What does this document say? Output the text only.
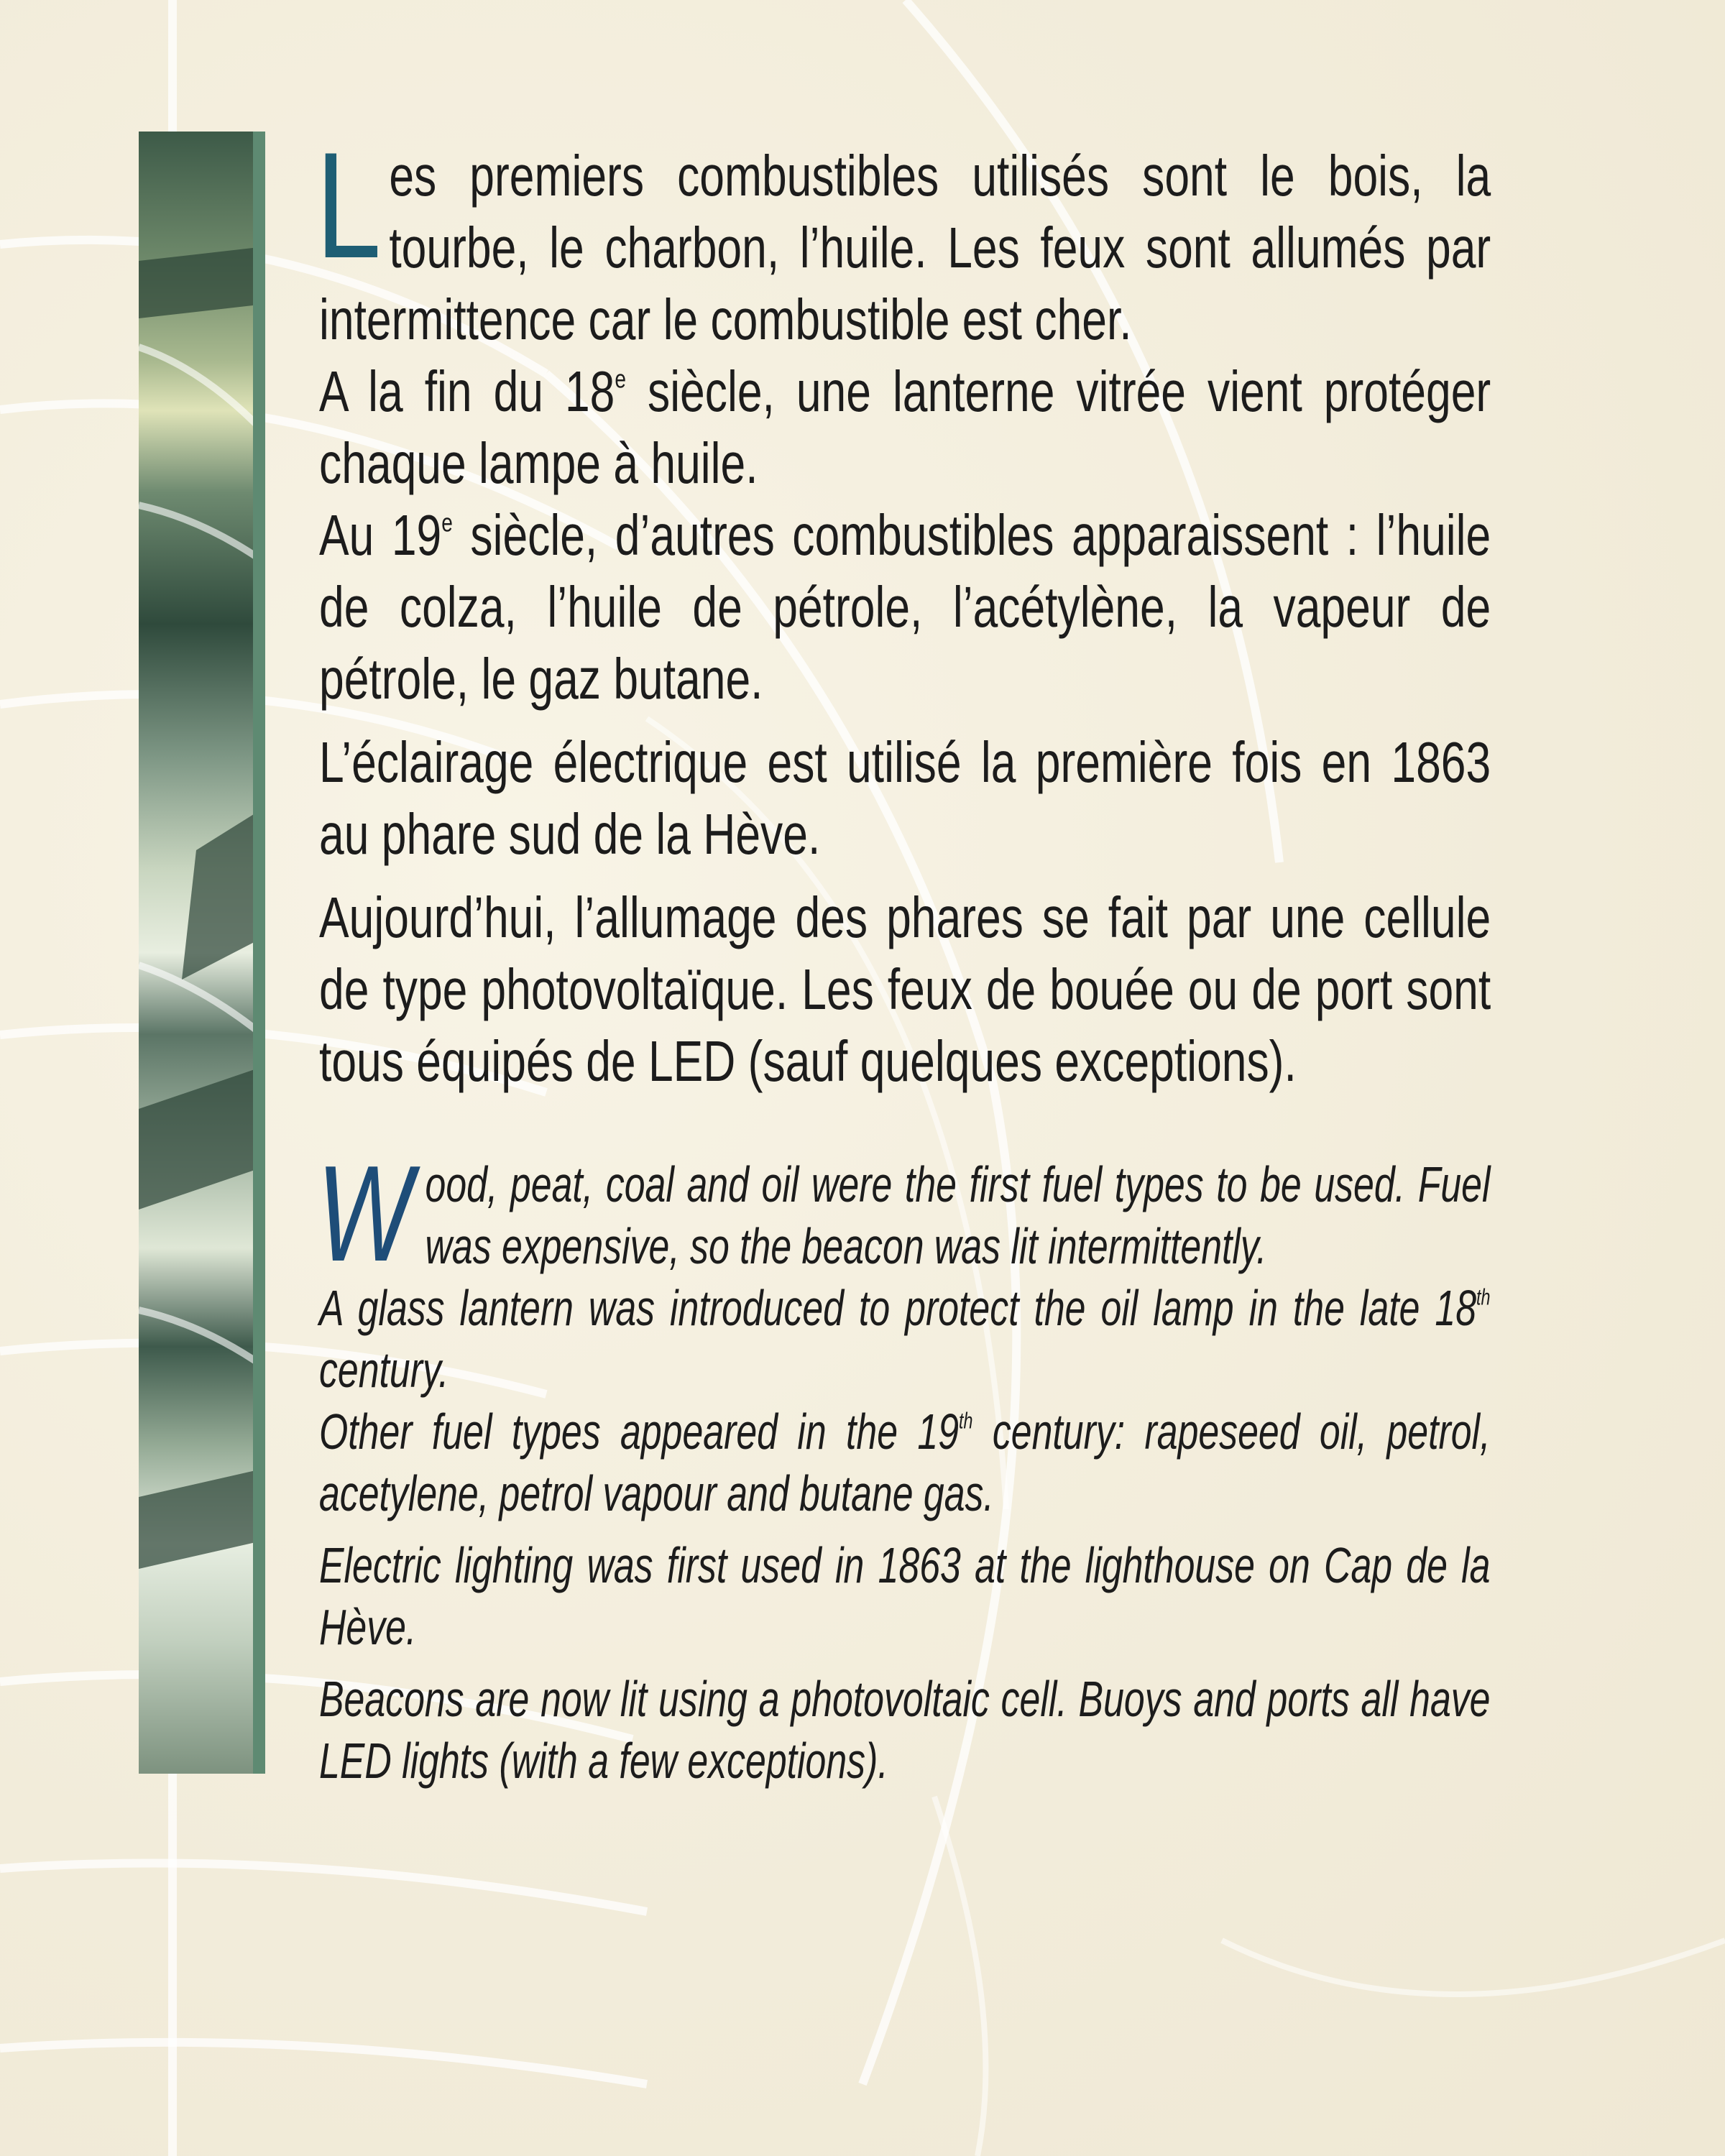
Les premiers combustibles utilisés sont le bois, la tourbe, le charbon, l’huile. Les feux sont allumés par intermittence car le combustible est cher.

A la fin du 18e siècle, une lanterne vitrée vient protéger chaque lampe à huile.

Au 19e siècle, d’autres combustibles apparaissent : l’huile de colza, l’huile de pétrole, l’acétylène, la vapeur de pétrole, le gaz butane.

L’éclairage électrique est utilisé la première fois en 1863 au phare sud de la Hève.

Aujourd’hui, l’allumage des phares se fait par une cellule de type photovoltaïque. Les feux de bouée ou de port sont tous équipés de LED (sauf quelques exceptions).

Wood, peat, coal and oil were the first fuel types to be used. Fuel was expensive, so the beacon was lit intermittently.

A glass lantern was introduced to protect the oil lamp in the late 18th century.

Other fuel types appeared in the 19th century: rapeseed oil, petrol, acetylene, petrol vapour and butane gas.

Electric lighting was first used in 1863 at the lighthouse on Cap de la Hève.

Beacons are now lit using a photovoltaic cell. Buoys and ports all have LED lights (with a few exceptions).
